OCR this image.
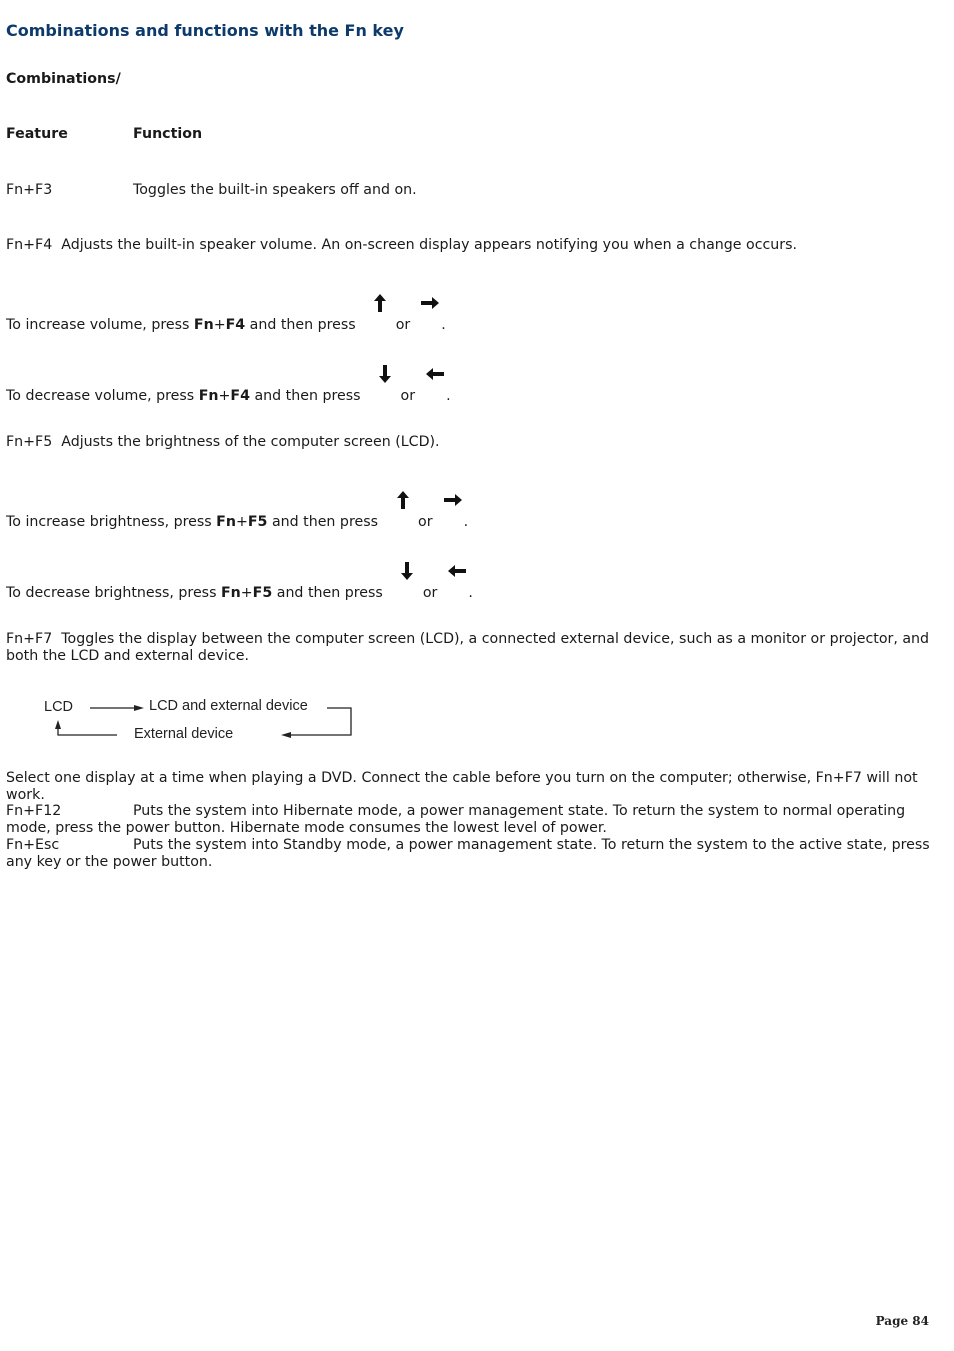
Combinations and functions with the Fn key
Combinations/
Feature	Function
Fn+F3	Toggles the built-in speakers off and on.
Fn+F4 Adjusts the built-in speaker volume. An on-screen display appears notifying you when a change occurs.
To increase volume, press Fn+F4 and then press	or .
To decrease volume, press Fn+F4 and then press	or .
Fn+F5 Adjusts the brightness of the computer screen (LCD).
To increase brightness, press Fn+F5 and then press	or .
To decrease brightness, press Fn+F5 and then press	or .
Fn+F7 Toggles the display between the computer screen (LCD), a connected external device, such as a monitor or projector, and both the LCD and external device.
LCD	LCD and external device
External device
Select one display at a time when playing a DVD. Connect the cable before you turn on the computer; otherwise, Fn+F7 will not work.
Fn+F12	Puts the system into Hibernate mode, a power management state. To return the system to normal operating mode, press the power button. Hibernate mode consumes the lowest level of power.
Fn+Esc	Puts the system into Standby mode, a power management state. To return the system to the active state, press any key or the power button.
Page 84
